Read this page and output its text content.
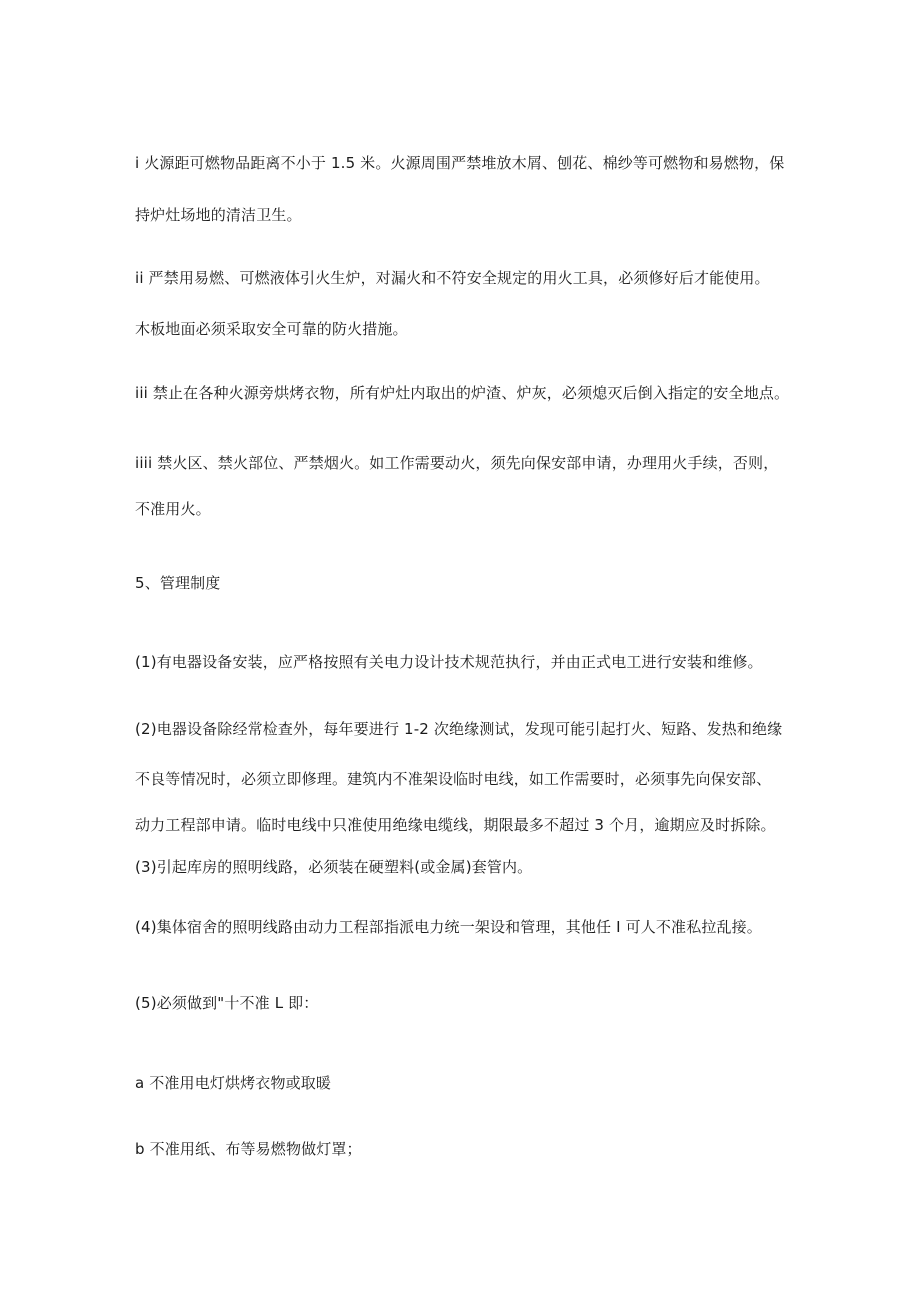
i 火源距可燃物品距离不小于 1.5 米。火源周围严禁堆放木屑、刨花、棉纱等可燃物和易燃物，保

持炉灶场地的清洁卫生。

ii 严禁用易燃、可燃液体引火生炉，对漏火和不符安全规定的用火工具，必须修好后才能使用。

木板地面必须采取安全可靠的防火措施。

iii 禁止在各种火源旁烘烤衣物，所有炉灶内取出的炉渣、炉灰，必须熄灭后倒入指定的安全地点。

iiii 禁火区、禁火部位、严禁烟火。如工作需要动火，须先向保安部申请，办理用火手续，否则，

不准用火。

5、管理制度

(1)有电器设备安装，应严格按照有关电力设计技术规范执行，并由正式电工进行安装和维修。

(2)电器设备除经常检查外，每年要进行 1-2 次绝缘测试，发现可能引起打火、短路、发热和绝缘

不良等情况时，必须立即修理。建筑内不准架设临时电线，如工作需要时，必须事先向保安部、

动力工程部申请。临时电线中只准使用绝缘电缆线，期限最多不超过 3 个月，逾期应及时拆除。

(3)引起库房的照明线路，必须装在硬塑料(或金属)套管内。

(4)集体宿舍的照明线路由动力工程部指派电力统一架设和管理，其他任 I 可人不准私拉乱接。

(5)必须做到"十不准 L 即：

a 不准用电灯烘烤衣物或取暖

b 不准用纸、布等易燃物做灯罩；
